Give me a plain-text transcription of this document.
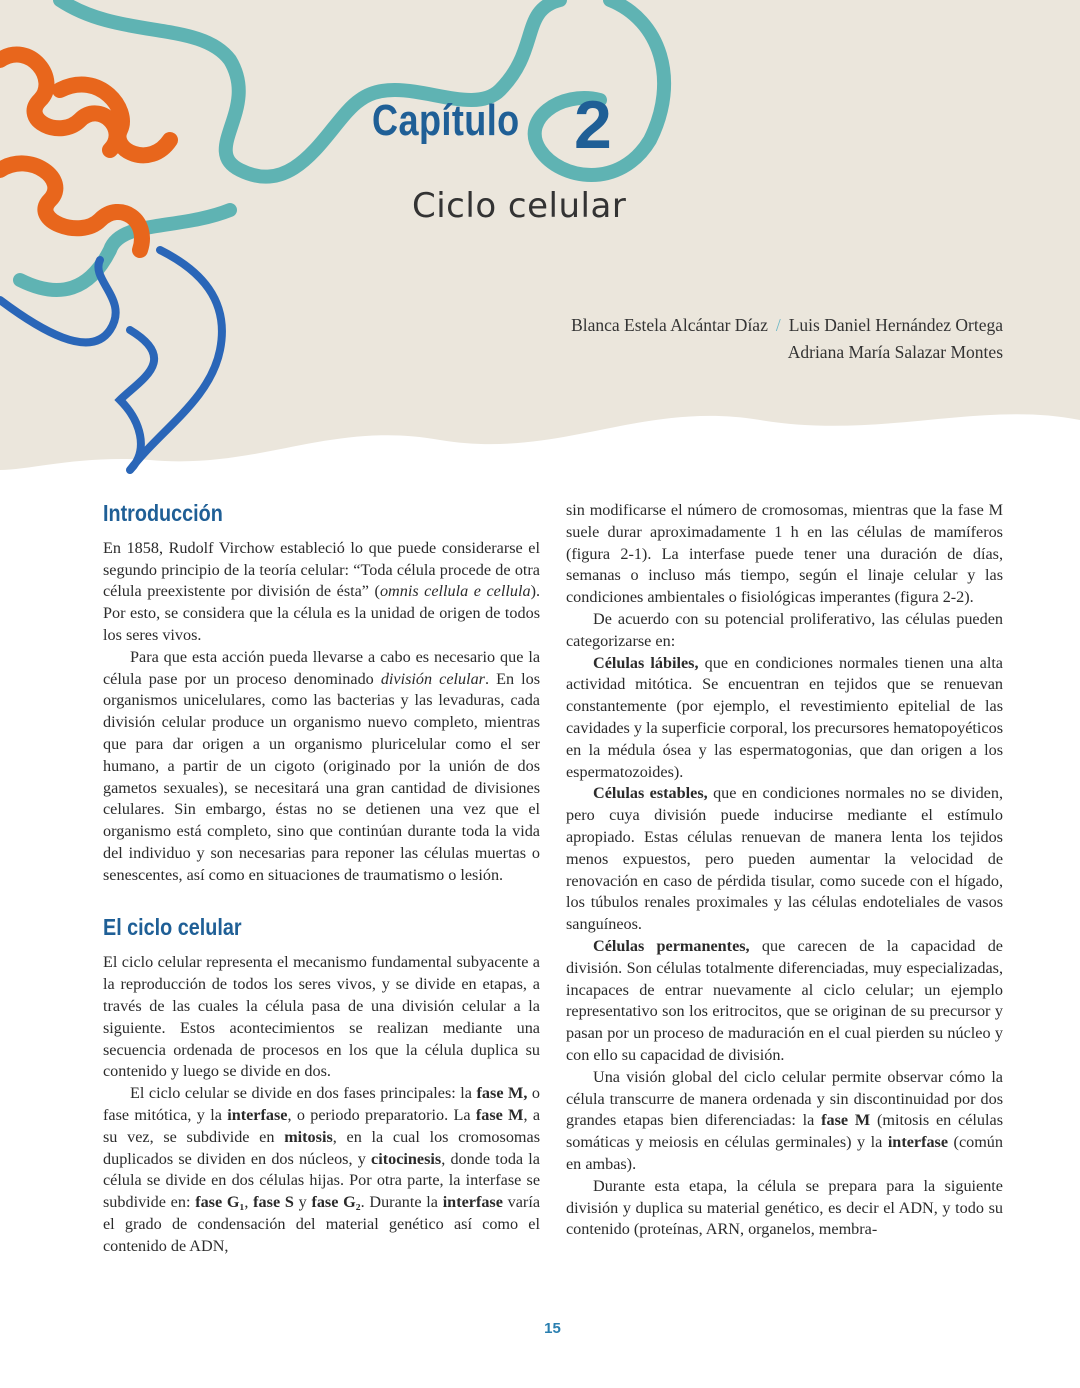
Capítulo 2
Ciclo celular
Blanca Estela Alcántar Díaz / Luis Daniel Hernández Ortega
Adriana María Salazar Montes
Introducción

En 1858, Rudolf Virchow estableció lo que puede considerarse el segundo principio de la teoría celular: “Toda célula procede de otra célula preexistente por división de ésta” (omnis cellula e cellula). Por esto, se considera que la célula es la unidad de origen de todos los seres vivos.

Para que esta acción pueda llevarse a cabo es necesario que la célula pase por un proceso denominado división celular. En los organismos unicelulares, como las bacterias y las levaduras, cada división celular produce un organismo nuevo completo, mientras que para dar origen a un organismo pluricelular como el ser humano, a partir de un cigoto (originado por la unión de dos gametos sexuales), se necesitará una gran cantidad de divisiones celulares. Sin embargo, éstas no se detienen una vez que el organismo está completo, sino que continúan durante toda la vida del individuo y son necesarias para reponer las células muertas o senescentes, así como en situaciones de traumatismo o lesión.

El ciclo celular

El ciclo celular representa el mecanismo fundamental subyacente a la reproducción de todos los seres vivos, y se divide en etapas, a través de las cuales la célula pasa de una división celular a la siguiente. Estos acontecimientos se realizan mediante una secuencia ordenada de procesos en los que la célula duplica su contenido y luego se divide en dos.

El ciclo celular se divide en dos fases principales: la fase M, o fase mitótica, y la interfase, o periodo preparatorio. La fase M, a su vez, se subdivide en mitosis, en la cual los cromosomas duplicados se dividen en dos núcleos, y citocinesis, donde toda la célula se divide en dos células hijas. Por otra parte, la interfase se subdivide en: fase G₁, fase S y fase G₂. Durante la interfase varía el grado de condensación del material genético así como el contenido de ADN,

sin modificarse el número de cromosomas, mientras que la fase M suele durar aproximadamente 1 h en las células de mamíferos (figura 2-1). La interfase puede tener una duración de días, semanas o incluso más tiempo, según el linaje celular y las condiciones ambientales o fisiológicas imperantes (figura 2-2).

De acuerdo con su potencial proliferativo, las células pueden categorizarse en:

Células lábiles, que en condiciones normales tienen una alta actividad mitótica. Se encuentran en tejidos que se renuevan constantemente (por ejemplo, el revestimiento epitelial de las cavidades y la superficie corporal, los precursores hematopoyéticos en la médula ósea y las espermatogonias, que dan origen a los espermatozoides).

Células estables, que en condiciones normales no se dividen, pero cuya división puede inducirse mediante el estímulo apropiado. Estas células renuevan de manera lenta los tejidos menos expuestos, pero pueden aumentar la velocidad de renovación en caso de pérdida tisular, como sucede con el hígado, los túbulos renales proximales y las células endoteliales de vasos sanguíneos.

Células permanentes, que carecen de la capacidad de división. Son células totalmente diferenciadas, muy especializadas, incapaces de entrar nuevamente al ciclo celular; un ejemplo representativo son los eritrocitos, que se originan de su precursor y pasan por un proceso de maduración en el cual pierden su núcleo y con ello su capacidad de división.

Una visión global del ciclo celular permite observar cómo la célula transcurre de manera ordenada y sin discontinuidad por dos grandes etapas bien diferenciadas: la fase M (mitosis en células somáticas y meiosis en células germinales) y la interfase (común en ambas).

Durante esta etapa, la célula se prepara para la siguiente división y duplica su material genético, es decir el ADN, y todo su contenido (proteínas, ARN, organelos, membra-

15
